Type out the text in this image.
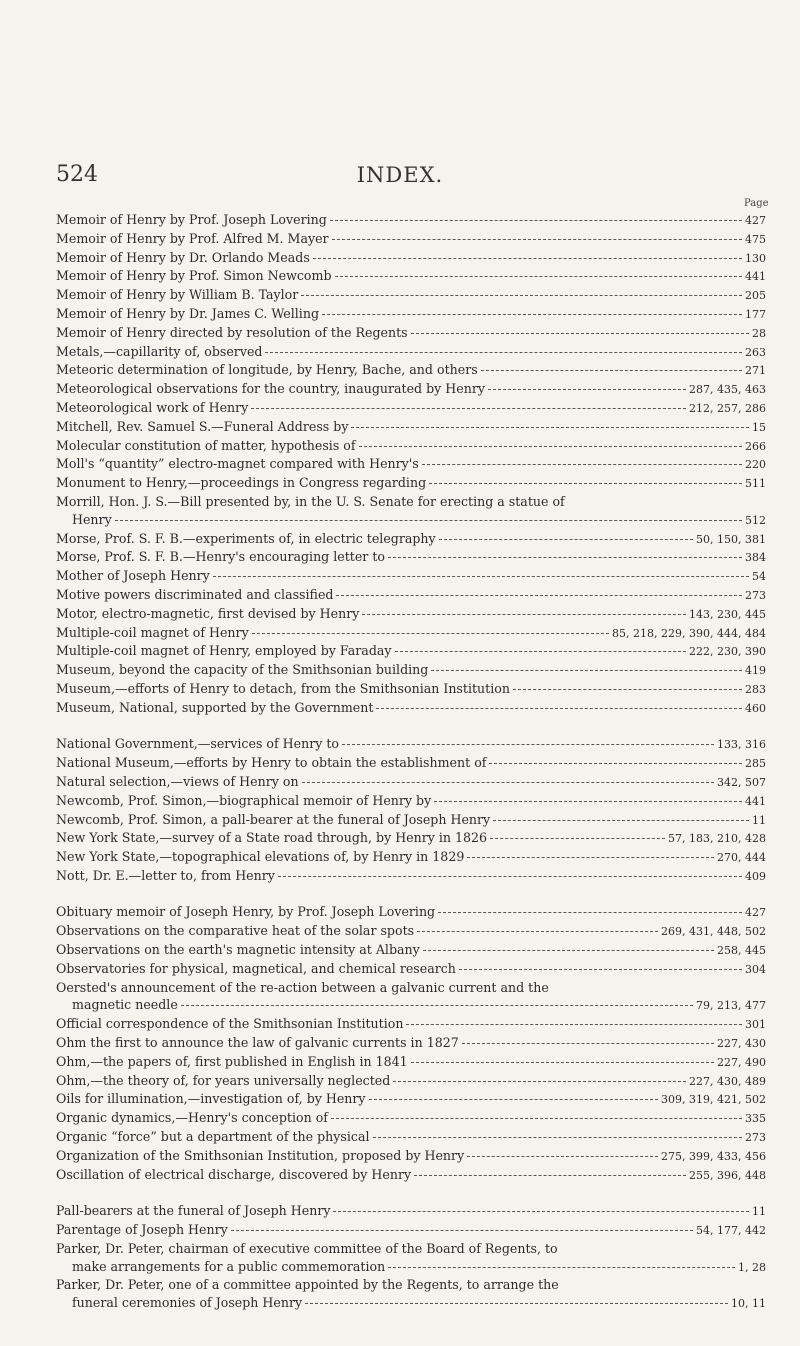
524	INDEX.
Page
Memoir of Henry by Prof. Joseph Lovering	427
Memoir of Henry by Prof. Alfred M. Mayer	475
Memoir of Henry by Dr. Orlando Meads	130
Memoir of Henry by Prof. Simon Newcomb	441
Memoir of Henry by William B. Taylor	205
Memoir of Henry by Dr. James C. Welling	177
Memoir of Henry directed by resolution of the Regents	28
Metals,—capillarity of, observed	263
Meteoric determination of longitude, by Henry, Bache, and others	271
Meteorological observations for the country, inaugurated by Henry	287, 435, 463
Meteorological work of Henry	212, 257, 286
Mitchell, Rev. Samuel S.—Funeral Address by	15
Molecular constitution of matter, hypothesis of	266
Moll's “quantity” electro-magnet compared with Henry's	220
Monument to Henry,—proceedings in Congress regarding	511
Morrill, Hon. J. S.—Bill presented by, in the U. S. Senate for erecting a statue of
Henry	512
Morse, Prof. S. F. B.—experiments of, in electric telegraphy	50, 150, 381
Morse, Prof. S. F. B.—Henry's encouraging letter to	384
Mother of Joseph Henry	54
Motive powers discriminated and classified	273
Motor, electro-magnetic, first devised by Henry	143, 230, 445
Multiple-coil magnet of Henry	85, 218, 229, 390, 444, 484
Multiple-coil magnet of Henry, employed by Faraday	222, 230, 390
Museum, beyond the capacity of the Smithsonian building	419
Museum,—efforts of Henry to detach, from the Smithsonian Institution	283
Museum, National, supported by the Government	460
National Government,—services of Henry to	133, 316
National Museum,—efforts by Henry to obtain the establishment of	285
Natural selection,—views of Henry on	342, 507
Newcomb, Prof. Simon,—biographical memoir of Henry by	441
Newcomb, Prof. Simon, a pall-bearer at the funeral of Joseph Henry	11
New York State,—survey of a State road through, by Henry in 1826	57, 183, 210, 428
New York State,—topographical elevations of, by Henry in 1829	270, 444
Nott, Dr. E.—letter to, from Henry	409
Obituary memoir of Joseph Henry, by Prof. Joseph Lovering	427
Observations on the comparative heat of the solar spots	269, 431, 448, 502
Observations on the earth's magnetic intensity at Albany	258, 445
Observatories for physical, magnetical, and chemical research	304
Oersted's announcement of the re-action between a galvanic current and the
magnetic needle	79, 213, 477
Official correspondence of the Smithsonian Institution	301
Ohm the first to announce the law of galvanic currents in 1827	227, 430
Ohm,—the papers of, first published in English in 1841	227, 490
Ohm,—the theory of, for years universally neglected	227, 430, 489
Oils for illumination,—investigation of, by Henry	309, 319, 421, 502
Organic dynamics,—Henry's conception of	335
Organic “force” but a department of the physical	273
Organization of the Smithsonian Institution, proposed by Henry	275, 399, 433, 456
Oscillation of electrical discharge, discovered by Henry	255, 396, 448
Pall-bearers at the funeral of Joseph Henry	11
Parentage of Joseph Henry	54, 177, 442
Parker, Dr. Peter, chairman of executive committee of the Board of Regents, to
make arrangements for a public commemoration	1, 28
Parker, Dr. Peter, one of a committee appointed by the Regents, to arrange the
funeral ceremonies of Joseph Henry	10, 11
